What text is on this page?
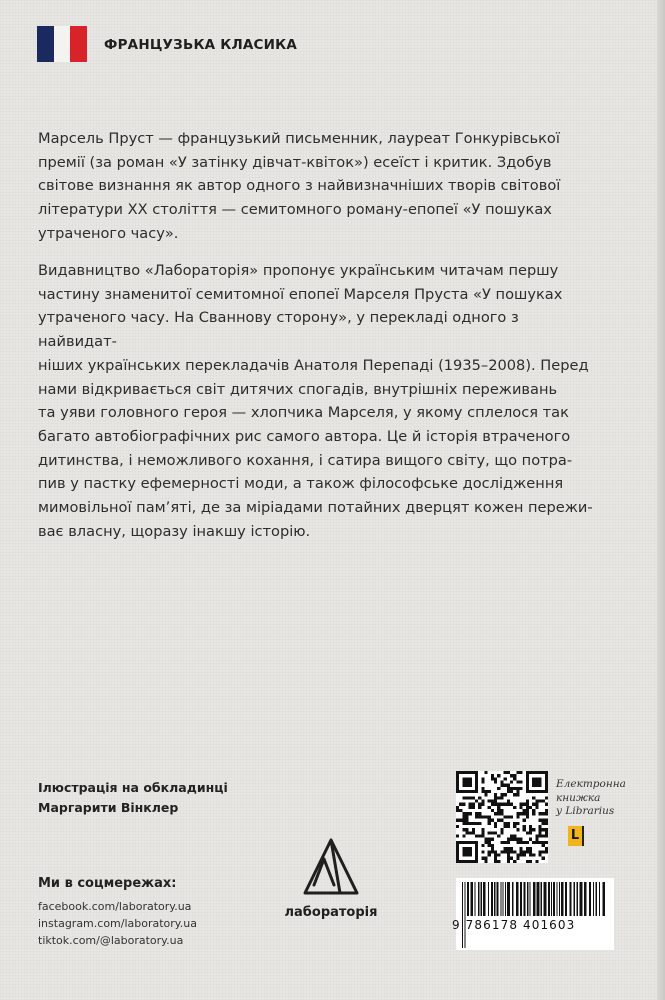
ФРАНЦУЗЬКА КЛАСИКА

Марсель Пруст — французький письменник, лауреат Гонкурівської
премії (за роман «У затінку дівчат-квіток») есеїст і критик. Здобув
світове визнання як автор одного з найвизначніших творів світової
літератури XX століття — семитомного роману-епопеї «У пошуках
утраченого часу».

Видавництво «Лабораторія» пропонує українським читачам першу
частину знаменитої семитомної епопеї Марселя Пруста «У пошуках
утраченого часу. На Сваннову сторону», у перекладі одного з найвидат-
ніших українських перекладачів Анатоля Перепаді (1935–2008). Перед
нами відкривається світ дитячих спогадів, внутрішніх переживань
та уяви головного героя — хлопчика Марселя, у якому сплелося так
багато автобіографічних рис самого автора. Це й історія втраченого
дитинства, і неможливого кохання, і сатира вищого світу, що потра-
пив у пастку ефемерності моди, а також філософське дослідження
мимовільної пам’яті, де за міріадами потайних дверцят кожен пережи-
ває власну, щоразу інакшу історію.

Ілюстрація на обкладинці
Маргарити Вінклер
Ми в соцмережах:
facebook.com/laboratory.ua
instagram.com/laboratory.ua
tiktok.com/@laboratory.ua
лабораторія
Електронна
книжка
у Librarius
L
9 786178 401603
